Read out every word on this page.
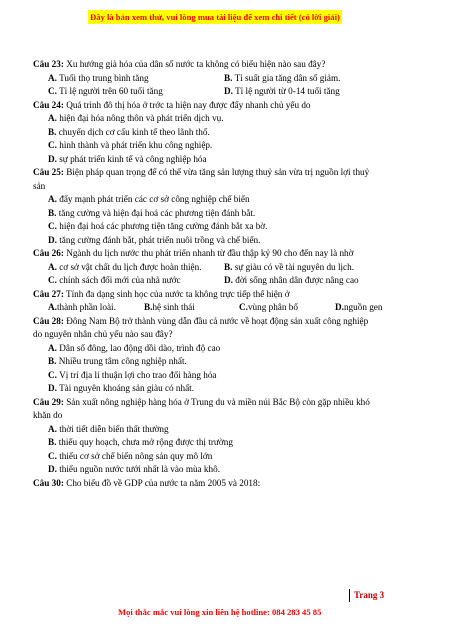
Đây là bản xem thử, vui lòng mua tài liệu để xem chi tiết (có lời giải)

Câu 23: Xu hướng già hóa của dân số nước ta không có biểu hiện nào sau đây?

A. Tuổi thọ trung bình tăng	B. Tỉ suất gia tăng dân số giảm.
C. Tỉ lệ người trên 60 tuổi tăng	D. Tỉ lệ người từ 0-14 tuổi tăng

Câu 24: Quá trình đô thị hóa ở trớc ta hiện nay được đẩy nhanh chủ yếu do

A. hiện đại hóa nông thôn và phát triển dịch vụ.
B. chuyển dịch cơ cấu kinh tế theo lãnh thổ.
C. hình thành và phát triển khu công nghiệp.
D. sự phát triển kinh tế và công nghiệp hóa

Câu 25: Biện pháp quan trọng để có thể vừa tăng sản lượng thuỷ sản vừa trị nguồn lợi thuỷ

sản

A. đẩy mạnh phát triển các cơ sở công nghiệp chế biến
B. tăng cường và hiện đại hoá các phương tiện đánh bắt.
C. hiện đại hoá các phương tiện tăng cường đánh bắt xa bờ.
D. tăng cường đánh bắt, phát triển nuôi trồng và chế biến.

Câu 26: Ngành du lịch nước thu phát triển nhanh từ đầu thập kỷ 90 cho đến nay là nhờ

A. cơ sở vật chất du lịch được hoàn thiện. B. sự giàu có về tài nguyên du lịch.
C. chính sách đổi mới của nhà nước	D. đời sống nhân dân được nâng cao

Câu 27: Tính đa dạng sinh học của nước ta không trực tiếp thể hiện ở

A. thành phần loài.	B. hệ sinh thái	C. vùng phân bố	D. nguồn gen

Câu 28: Đông Nam Bộ trở thành vùng dẫn đầu cả nước về hoạt động sản xuất công nghiệp

do nguyên nhân chủ yếu nào sau đây?

A. Dân số đông, lao động dồi dào, trình độ cao
B. Nhiều trung tâm công nghiệp nhất.
C. Vị trí địa lí thuận lợi cho trao đổi hàng hóa
D. Tài nguyên khoáng sản giàu có nhất.

Câu 29: Sản xuất nông nghiệp hàng hóa ở Trung du và miền núi Bắc Bộ còn gặp nhiều khó

khăn do

A. thời tiết diễn biến thất thường
B. thiếu quy hoạch, chưa mở rộng được thị trường
C. thiếu cơ sở chế biến nông sản quy mô lớn
D. thiếu nguồn nước tưới nhất là vào mùa khô.

Câu 30: Cho biểu đồ về GDP của nước ta năm 2005 và 2018:

Trang 3
Mọi thắc mắc vui lòng xin liên hệ hotline: 084 283 45 85
